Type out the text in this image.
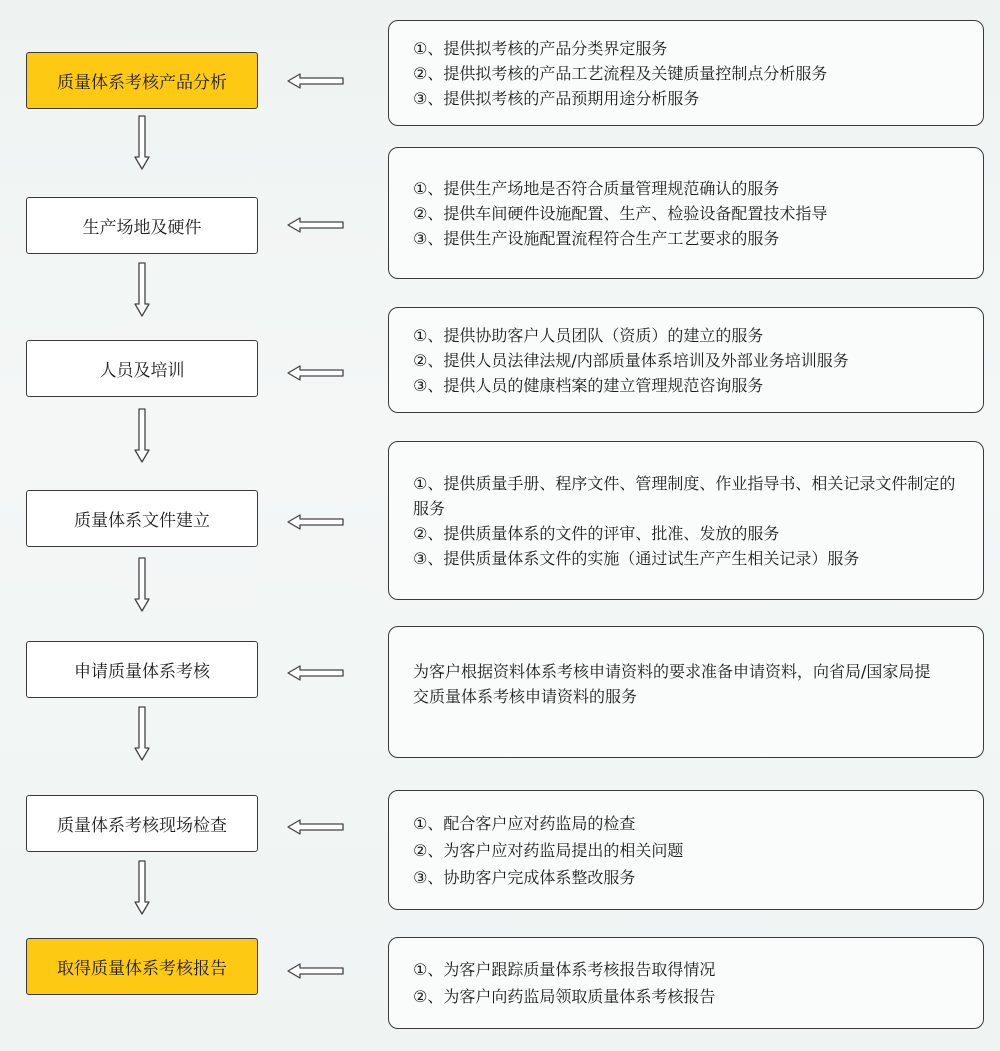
质量体系考核产品分析
生产场地及硬件
人员及培训
质量体系文件建立
申请质量体系考核
质量体系考核现场检查
取得质量体系考核报告

①、提供拟考核的产品分类界定服务

②、提供拟考核的产品工艺流程及关键质量控制点分析服务

③、提供拟考核的产品预期用途分析服务

①、提供生产场地是否符合质量管理规范确认的服务

②、提供车间硬件设施配置、生产、检验设备配置技术指导

③、提供生产设施配置流程符合生产工艺要求的服务

①、提供协助客户人员团队（资质）的建立的服务

②、提供人员法律法规/内部质量体系培训及外部业务培训服务

③、提供人员的健康档案的建立管理规范咨询服务

①、提供质量手册、程序文件、管理制度、作业指导书、相关记录文件制定的服务

②、提供质量体系的文件的评审、批准、发放的服务

③、提供质量体系文件的实施（通过试生产产生相关记录）服务

为客户根据资料体系考核申请资料的要求准备申请资料，向省局/国家局提交质量体系考核申请资料的服务

①、配合客户应对药监局的检查

②、为客户应对药监局提出的相关问题

③、协助客户完成体系整改服务

①、为客户跟踪质量体系考核报告取得情况

②、为客户向药监局领取质量体系考核报告
